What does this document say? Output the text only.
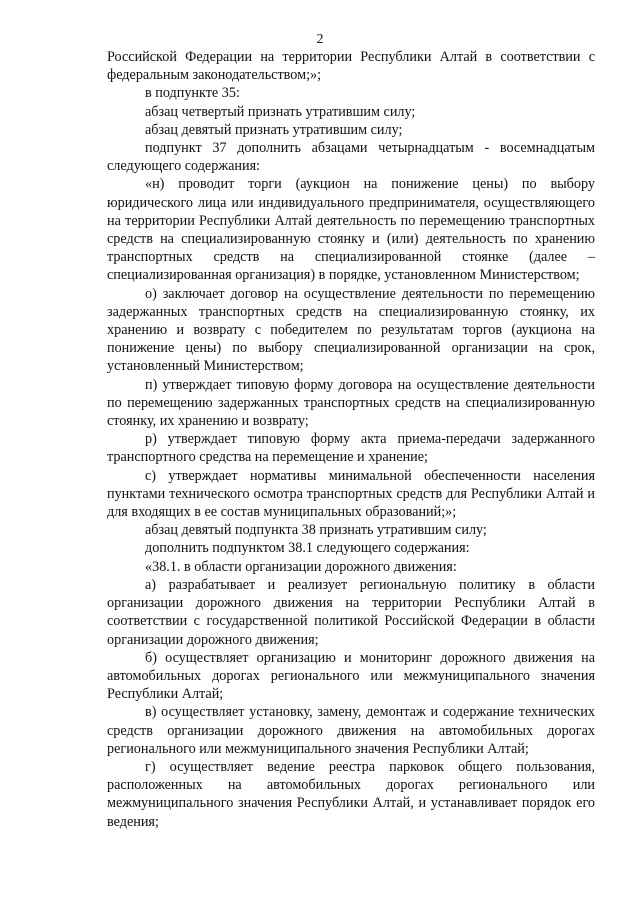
2

Российской Федерации на территории Республики Алтай в соответствии с федеральным законодательством;»;

в подпункте 35:

абзац четвертый признать утратившим силу;

абзац девятый признать утратившим силу;

подпункт 37 дополнить абзацами четырнадцатым - восемнадцатым следующего содержания:

«н) проводит торги (аукцион на понижение цены) по выбору юридического лица или индивидуального предпринимателя, осуществляющего на территории Республики Алтай деятельность по перемещению транспортных средств на специализированную стоянку и (или) деятельность по хранению транспортных средств на специализированной стоянке (далее – специализированная организация) в порядке, установленном Министерством;

о) заключает договор на осуществление деятельности по перемещению задержанных транспортных средств на специализированную стоянку, их хранению и возврату с победителем по результатам торгов (аукциона на понижение цены) по выбору специализированной организации на срок, установленный Министерством;

п) утверждает типовую форму договора на осуществление деятельности по перемещению задержанных транспортных средств на специализированную стоянку, их хранению и возврату;

р) утверждает типовую форму акта приема-передачи задержанного транспортного средства на перемещение и хранение;

с) утверждает нормативы минимальной обеспеченности населения пунктами технического осмотра транспортных средств для Республики Алтай и для входящих в ее состав муниципальных образований;»;

абзац девятый подпункта 38 признать утратившим силу;

дополнить подпунктом 38.1 следующего содержания:

«38.1. в области организации дорожного движения:

а) разрабатывает и реализует региональную политику в области организации дорожного движения на территории Республики Алтай в соответствии с государственной политикой Российской Федерации в области организации дорожного движения;

б) осуществляет организацию и мониторинг дорожного движения на автомобильных дорогах регионального или межмуниципального значения Республики Алтай;

в) осуществляет установку, замену, демонтаж и содержание технических средств организации дорожного движения на автомобильных дорогах регионального или межмуниципального значения Республики Алтай;

г) осуществляет ведение реестра парковок общего пользования, расположенных на автомобильных дорогах регионального или межмуниципального значения Республики Алтай, и устанавливает порядок его ведения;
